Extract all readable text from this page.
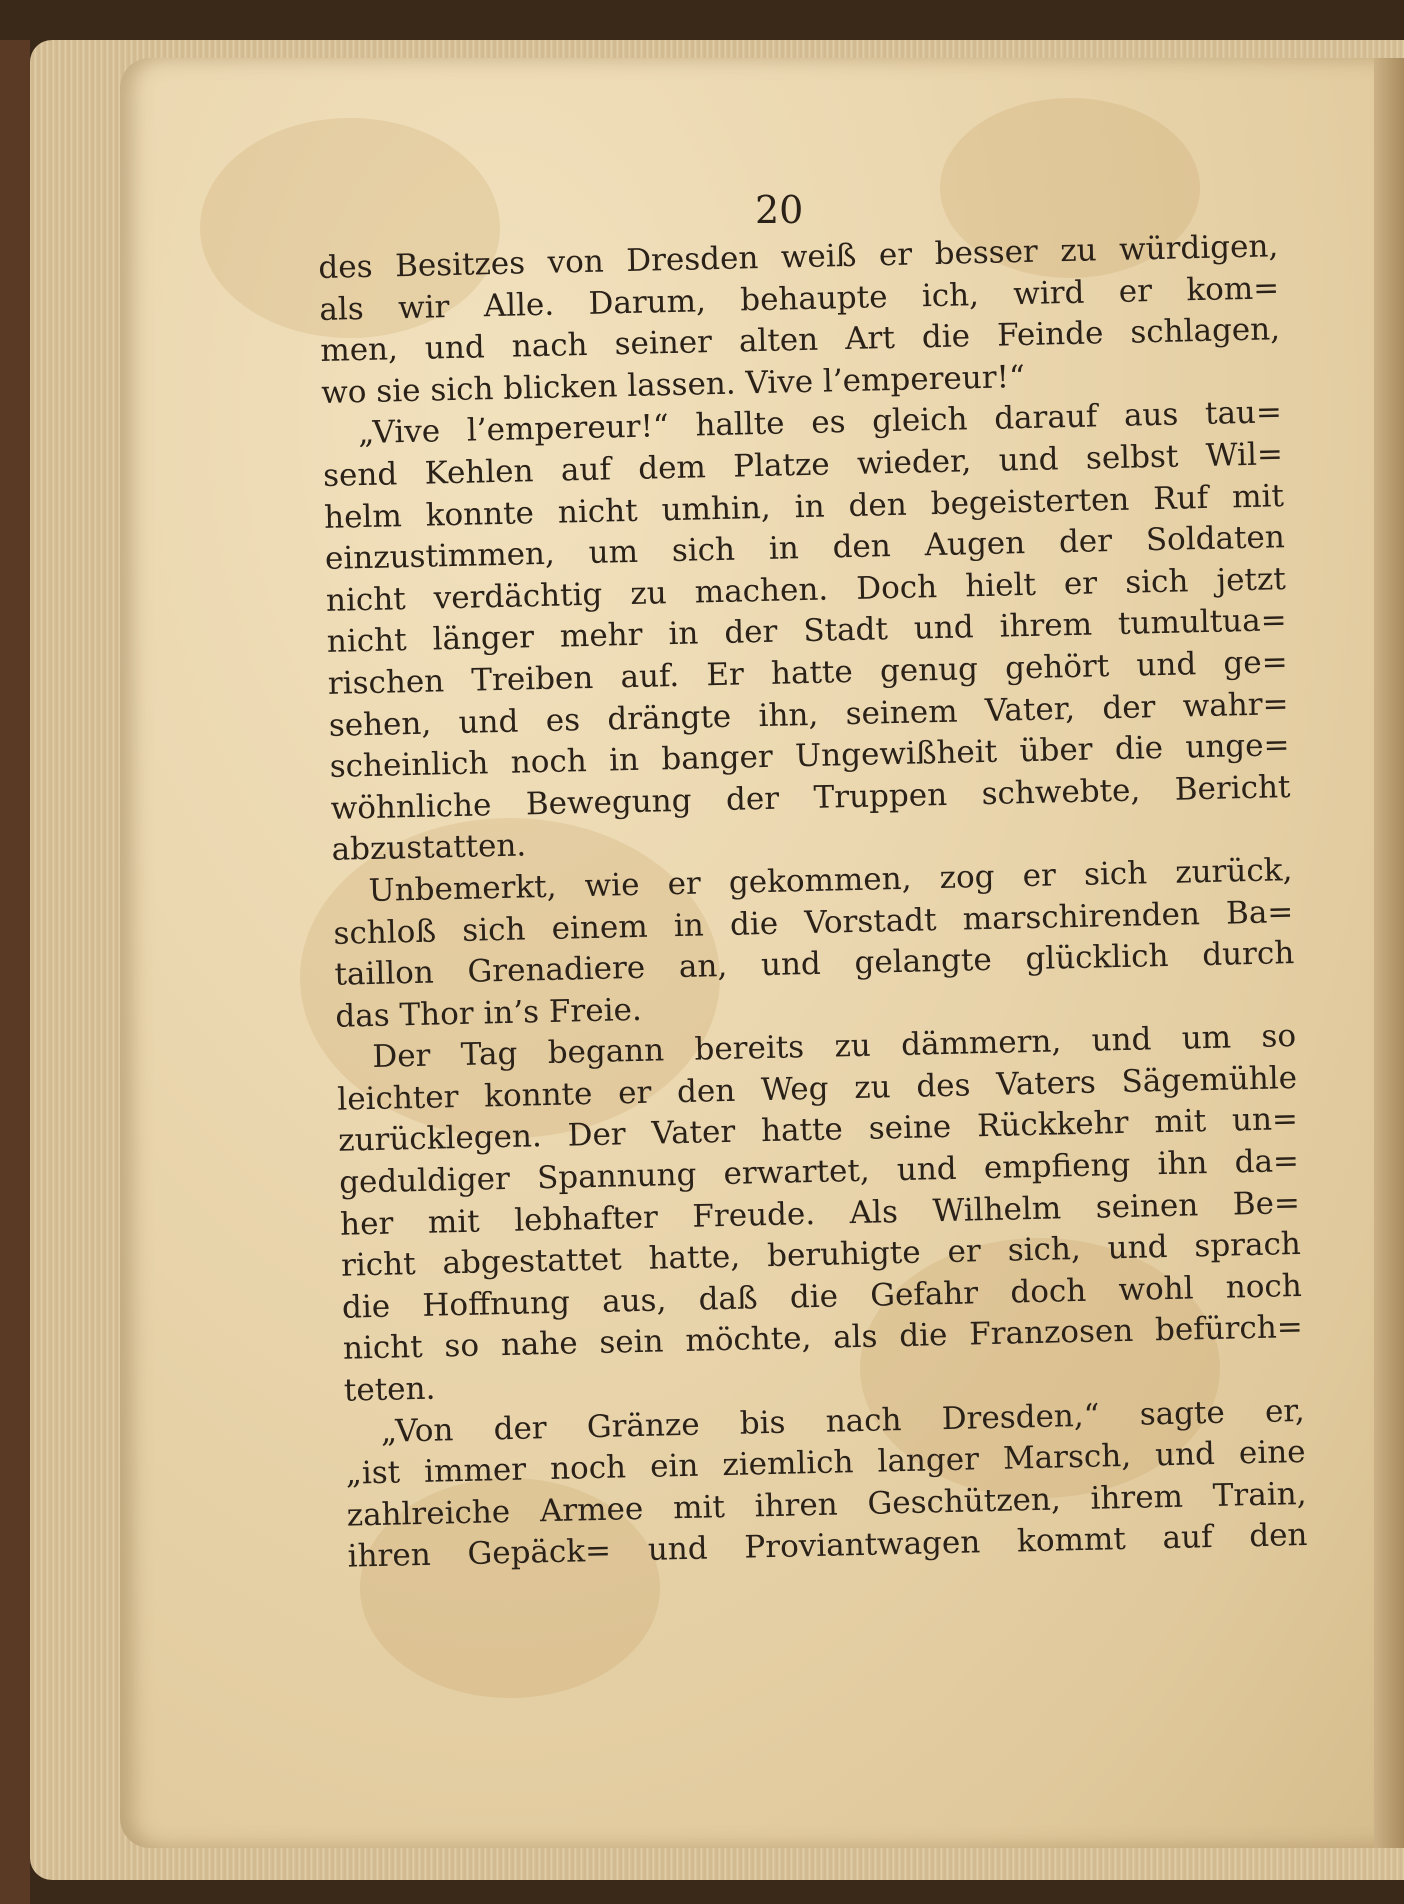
20
des Besitzes von Dresden weiß er besser zu würdigen,
als wir Alle. Darum, behaupte ich, wird er kom=
men, und nach seiner alten Art die Feinde schlagen,
wo sie sich blicken lassen. Vive l’empereur!“
„Vive l’empereur!“ hallte es gleich darauf aus tau=
send Kehlen auf dem Platze wieder, und selbst Wil=
helm konnte nicht umhin, in den begeisterten Ruf mit
einzustimmen, um sich in den Augen der Soldaten
nicht verdächtig zu machen. Doch hielt er sich jetzt
nicht länger mehr in der Stadt und ihrem tumultua=
rischen Treiben auf. Er hatte genug gehört und ge=
sehen, und es drängte ihn, seinem Vater, der wahr=
scheinlich noch in banger Ungewißheit über die unge=
wöhnliche Bewegung der Truppen schwebte, Bericht
abzustatten.
Unbemerkt, wie er gekommen, zog er sich zurück,
schloß sich einem in die Vorstadt marschirenden Ba=
taillon Grenadiere an, und gelangte glücklich durch
das Thor in’s Freie.
Der Tag begann bereits zu dämmern, und um so
leichter konnte er den Weg zu des Vaters Sägemühle
zurücklegen. Der Vater hatte seine Rückkehr mit un=
geduldiger Spannung erwartet, und empfieng ihn da=
her mit lebhafter Freude. Als Wilhelm seinen Be=
richt abgestattet hatte, beruhigte er sich, und sprach
die Hoffnung aus, daß die Gefahr doch wohl noch
nicht so nahe sein möchte, als die Franzosen befürch=
teten.
„Von der Gränze bis nach Dresden,“ sagte er,
„ist immer noch ein ziemlich langer Marsch, und eine
zahlreiche Armee mit ihren Geschützen, ihrem Train,
ihren Gepäck= und Proviantwagen kommt auf den
